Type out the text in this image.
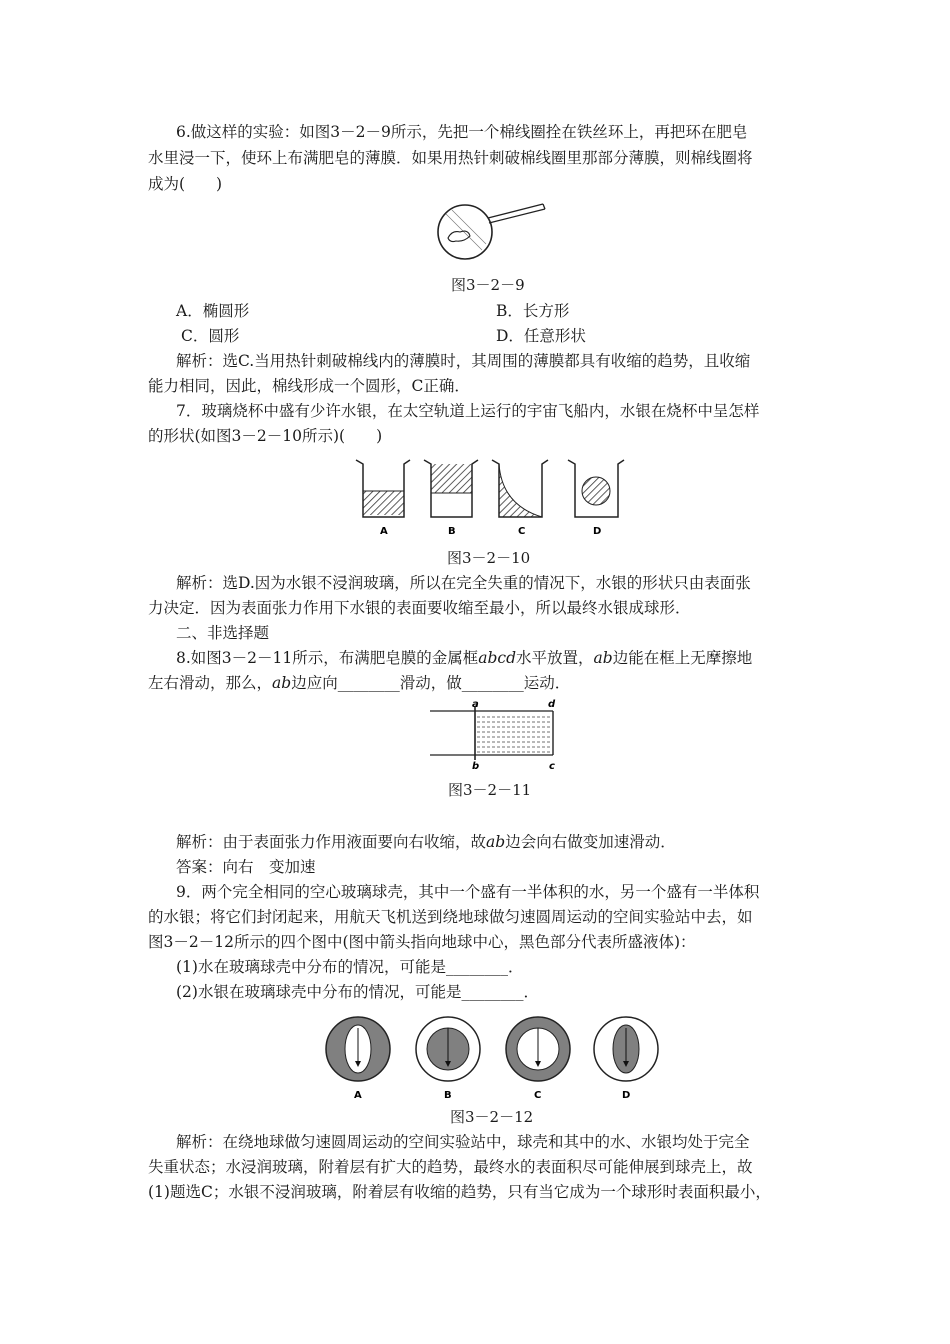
6.做这样的实验：如图3－2－9所示，先把一个棉线圈拴在铁丝环上，再把环在肥皂
水里浸一下，使环上布满肥皂的薄膜．如果用热针刺破棉线圈里那部分薄膜，则棉线圈将
成为(　　)
图3－2－9
A．椭圆形	B．长方形
C．圆形	D．任意形状
解析：选C.当用热针刺破棉线内的薄膜时，其周围的薄膜都具有收缩的趋势，且收缩
能力相同，因此，棉线形成一个圆形，C正确．
7．玻璃烧杯中盛有少许水银，在太空轨道上运行的宇宙飞船内，水银在烧杯中呈怎样
的形状(如图3－2－10所示)(　　)
A	B	C	D
图3－2－10
解析：选D.因为水银不浸润玻璃，所以在完全失重的情况下，水银的形状只由表面张
力决定．因为表面张力作用下水银的表面要收缩至最小，所以最终水银成球形．
二、非选择题
8.如图3－2－11所示，布满肥皂膜的金属框abcd水平放置，ab边能在框上无摩擦地
左右滑动，那么，ab边应向________滑动，做________运动．
a	d
b	c
图3－2－11
解析：由于表面张力作用液面要向右收缩，故ab边会向右做变加速滑动．
答案：向右　变加速
9．两个完全相同的空心玻璃球壳，其中一个盛有一半体积的水，另一个盛有一半体积
的水银；将它们封闭起来，用航天飞机送到绕地球做匀速圆周运动的空间实验站中去，如
图3－2－12所示的四个图中(图中箭头指向地球中心，黑色部分代表所盛液体)：
(1)水在玻璃球壳中分布的情况，可能是________．
(2)水银在玻璃球壳中分布的情况，可能是________．
A	B	C	D
图3－2－12
解析：在绕地球做匀速圆周运动的空间实验站中，球壳和其中的水、水银均处于完全
失重状态；水浸润玻璃，附着层有扩大的趋势，最终水的表面积尽可能伸展到球壳上，故
(1)题选C；水银不浸润玻璃，附着层有收缩的趋势，只有当它成为一个球形时表面积最小，
